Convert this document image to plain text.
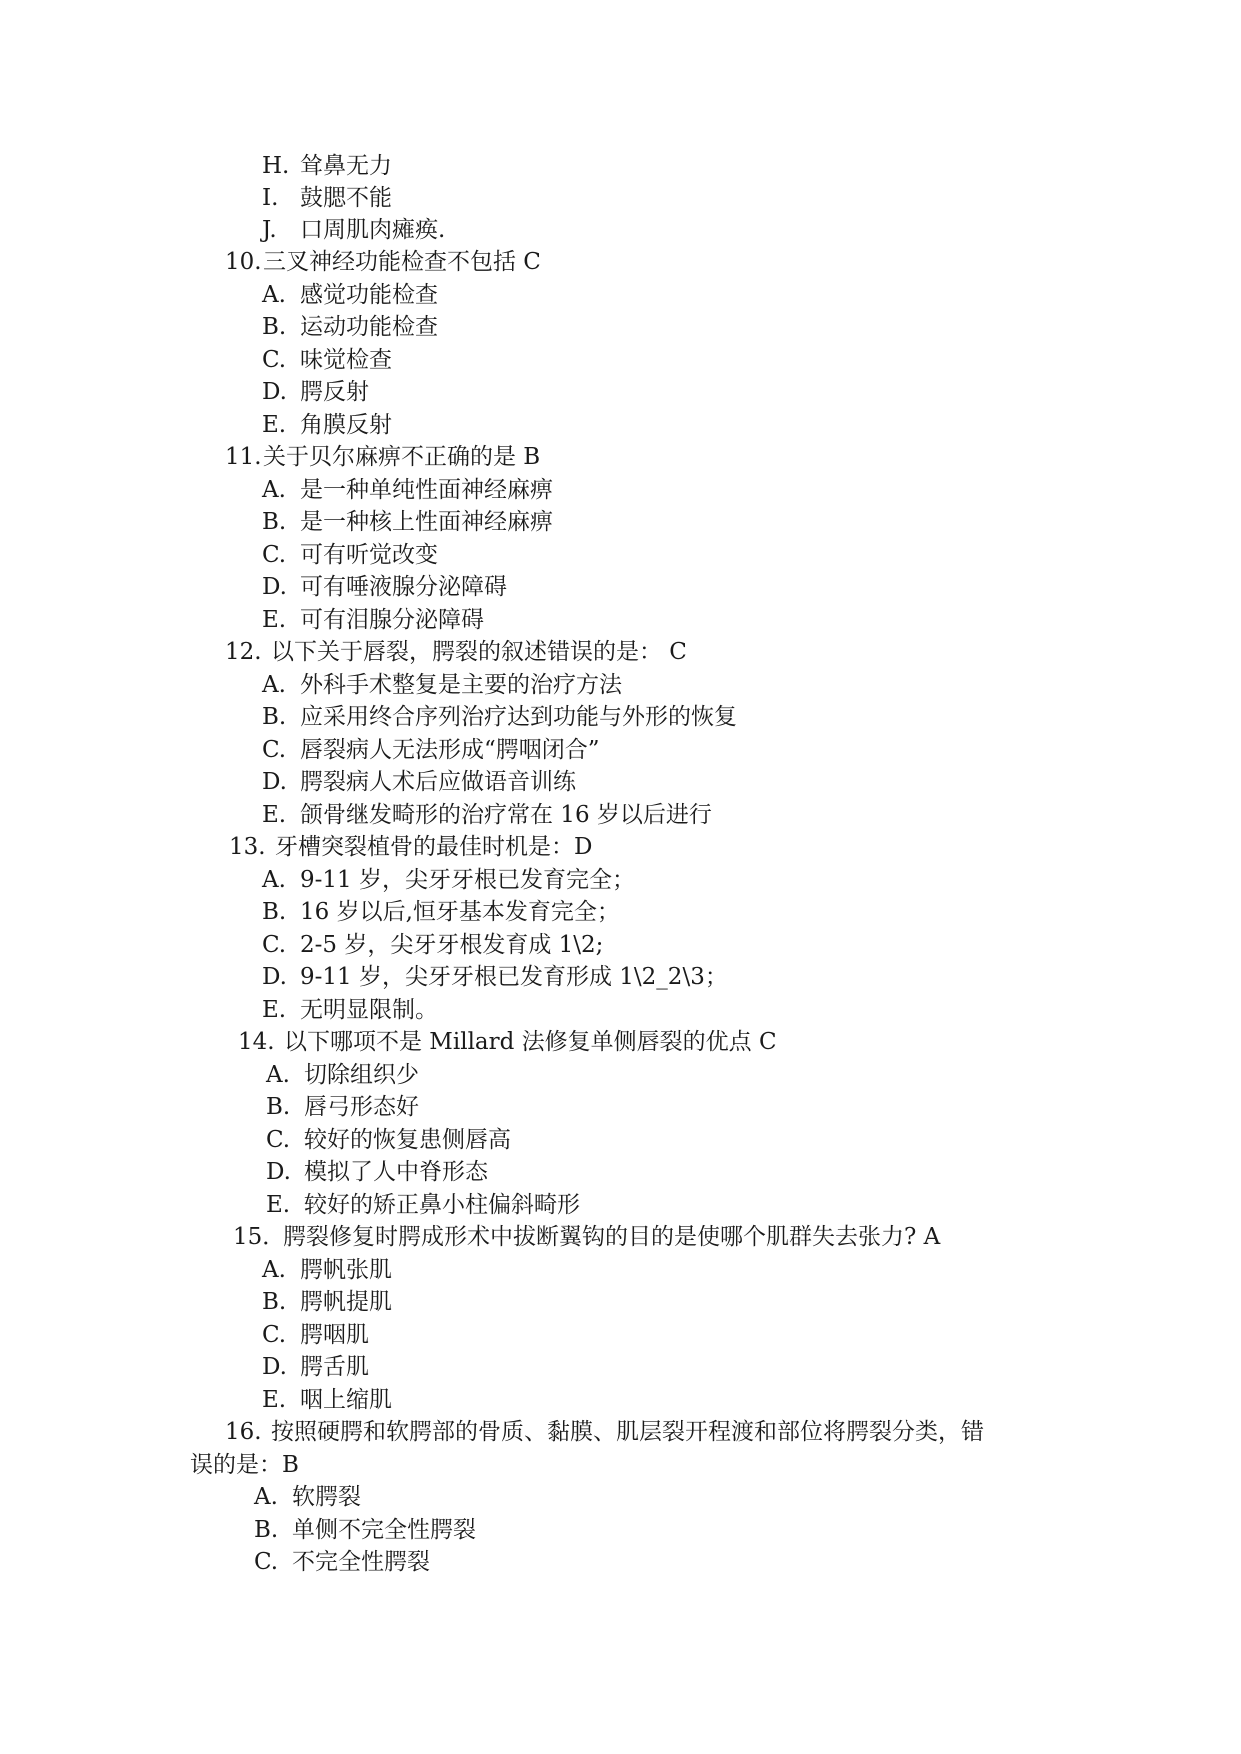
H. 耸鼻无力
I. 鼓腮不能
J. 口周肌肉瘫痪.
10.三叉神经功能检查不包括 C
A. 感觉功能检查
B. 运动功能检查
C. 味觉检查
D. 腭反射
E. 角膜反射
11.关于贝尔麻痹不正确的是 B
A. 是一种单纯性面神经麻痹
B. 是一种核上性面神经麻痹
C. 可有听觉改变
D. 可有唾液腺分泌障碍
E. 可有泪腺分泌障碍
12. 以下关于唇裂，腭裂的叙述错误的是： C
A. 外科手术整复是主要的治疗方法
B. 应采用终合序列治疗达到功能与外形的恢复
C. 唇裂病人无法形成“腭咽闭合”
D. 腭裂病人术后应做语音训练
E. 颌骨继发畸形的治疗常在 16 岁以后进行
13. 牙槽突裂植骨的最佳时机是：D
A. 9-11 岁，尖牙牙根已发育完全；
B. 16 岁以后,恒牙基本发育完全；
C. 2-5 岁，尖牙牙根发育成 1\2;
D. 9-11 岁，尖牙牙根已发育形成 1\2_2\3；
E. 无明显限制。
14. 以下哪项不是 Millard 法修复单侧唇裂的优点 C
A. 切除组织少
B. 唇弓形态好
C. 较好的恢复患侧唇高
D. 模拟了人中脊形态
E. 较好的矫正鼻小柱偏斜畸形
15．腭裂修复时腭成形术中拔断翼钩的目的是使哪个肌群失去张力? A
A. 腭帆张肌
B. 腭帆提肌
C. 腭咽肌
D. 腭舌肌
E. 咽上缩肌
16. 按照硬腭和软腭部的骨质、黏膜、肌层裂开程渡和部位将腭裂分类，错
误的是：B
A. 软腭裂
B. 单侧不完全性腭裂
C. 不完全性腭裂
